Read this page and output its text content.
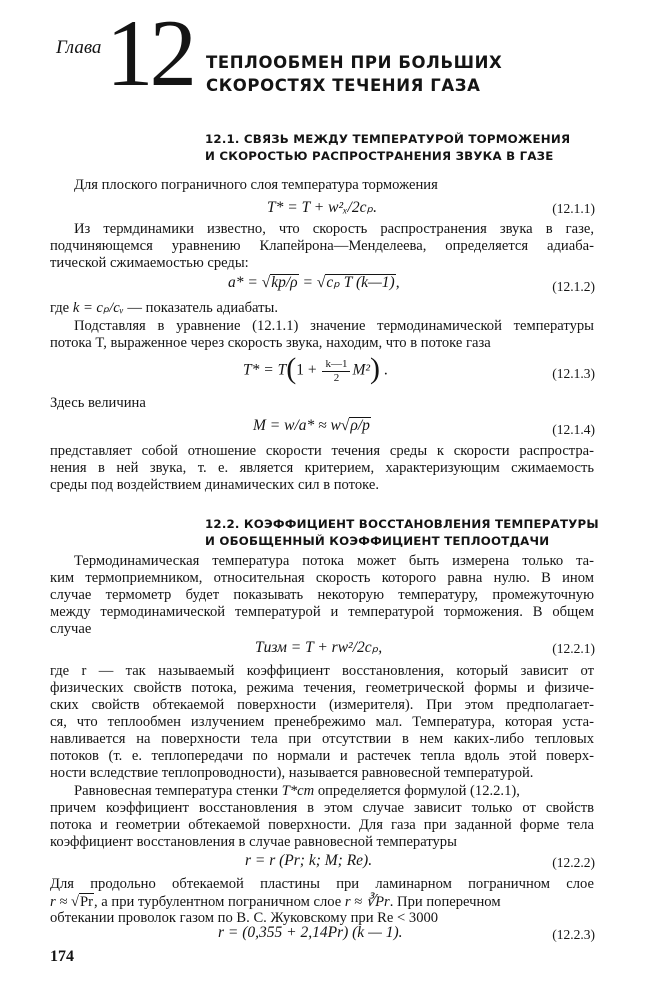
Глава 12 ТЕПЛООБМЕН ПРИ БОЛЬШИХ
СКОРОСТЯХ ТЕЧЕНИЯ ГАЗА
12.1. СВЯЗЬ МЕЖДУ ТЕМПЕРАТУРОЙ ТОРМОЖЕНИЯ
И СКОРОСТЬЮ РАСПРОСТРАНЕНИЯ ЗВУКА В ГАЗЕ
Для плоского пограничного слоя температура торможения
T* = T + w²ₓ/2cₚ.	(12.1.1)
Из термдинамики известно, что скорость распространения звука в газе,
подчиняющемся уравнению Клапейрона—Менделеева, определяется адиаба-
тической сжимаемостью среды:
a* = √kp/ρ = √cₚ T (k—1),	(12.1.2)
где k = cₚ/cᵥ — показатель адиабаты.
Подставляя в уравнение (12.1.1) значение термодинамической температуры
потока T, выраженное через скорость звука, находим, что в потоке газа
$T* = T(1 + \frac{k—1}{2} M^2)$ .	(12.1.3)
Здесь величина
M = w/a* ≈ w√ρ/p	(12.1.4)
представляет собой отношение скорости течения среды к скорости распростра-
нения в ней звука, т. е. является критерием, характеризующим сжимаемость
среды под воздействием динамических сил в потоке.
12.2. КОЭФФИЦИЕНТ ВОССТАНОВЛЕНИЯ ТЕМПЕРАТУРЫ
И ОБОБЩЕННЫЙ КОЭФФИЦИЕНТ ТЕПЛООТДАЧИ
Термодинамическая температура потока может быть измерена только та-
ким термоприемником, относительная скорость которого равна нулю. В ином
случае термометр будет показывать некоторую температуру, промежуточную
между термодинамической температурой и температурой торможения. В общем
случае
Tизм = T + rw²/2cₚ,	(12.2.1)
где r — так называемый коэффициент восстановления, который зависит от
физических свойств потока, режима течения, геометрической формы и физиче-
ских свойств обтекаемой поверхности (измерителя). При этом предполагает-
ся, что теплообмен излучением пренебрежимо мал. Температура, которая уста-
навливается на поверхности тела при отсутствии в нем каких-либо тепловых
потоков (т. е. теплопередачи по нормали и растечек тепла вдоль этой поверх-
ности вследствие теплопроводности), называется равновесной температурой.
Равновесная температура стенки T*ст определяется формулой (12.2.1),
причем коэффициент восстановления в этом случае зависит только от свойств
потока и геометрии обтекаемой поверхности. Для газа при заданной форме тела
коэффициент восстановления в случае равновесной температуры
r = r (Pr; k; M; Re).	(12.2.2)
Для продольно обтекаемой пластины при ламинарном пограничном слое
r ≈ √Pr, а при турбулентном пограничном слое r ≈ ∛Pr. При поперечном
обтекании проволок газом по В. С. Жуковскому при Re < 3000
r = (0,355 + 2,14Pr) (k — 1).	(12.2.3)
174
